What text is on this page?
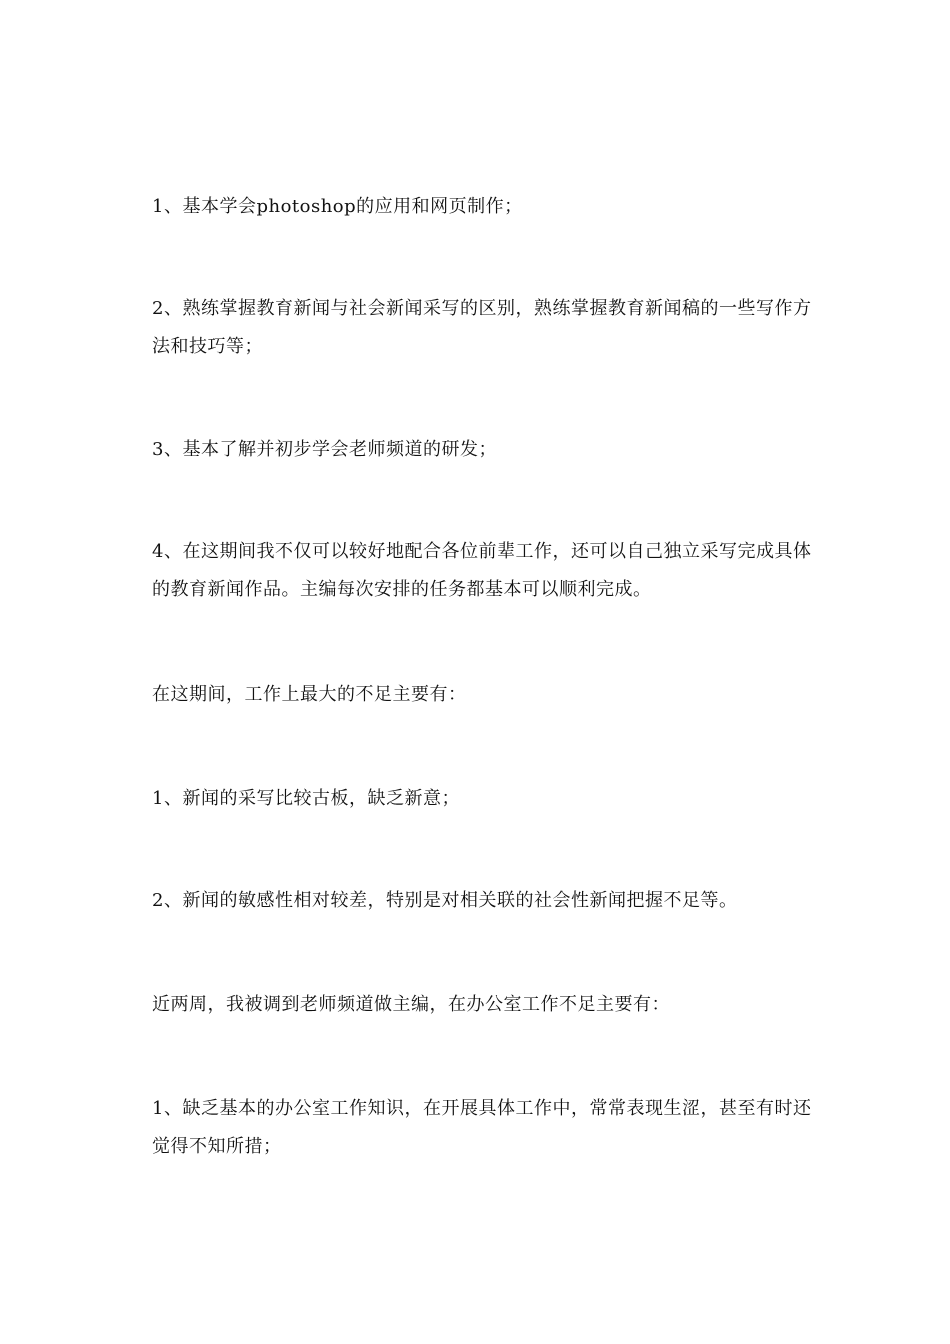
1、基本学会photoshop的应用和网页制作；

2、熟练掌握教育新闻与社会新闻采写的区别，熟练掌握教育新闻稿的一些写作方法和技巧等；

3、基本了解并初步学会老师频道的研发；

4、在这期间我不仅可以较好地配合各位前辈工作，还可以自己独立采写完成具体的教育新闻作品。主编每次安排的任务都基本可以顺利完成。

在这期间，工作上最大的不足主要有：

1、新闻的采写比较古板，缺乏新意；

2、新闻的敏感性相对较差，特别是对相关联的社会性新闻把握不足等。

近两周，我被调到老师频道做主编，在办公室工作不足主要有：

1、缺乏基本的办公室工作知识，在开展具体工作中，常常表现生涩，甚至有时还觉得不知所措；
